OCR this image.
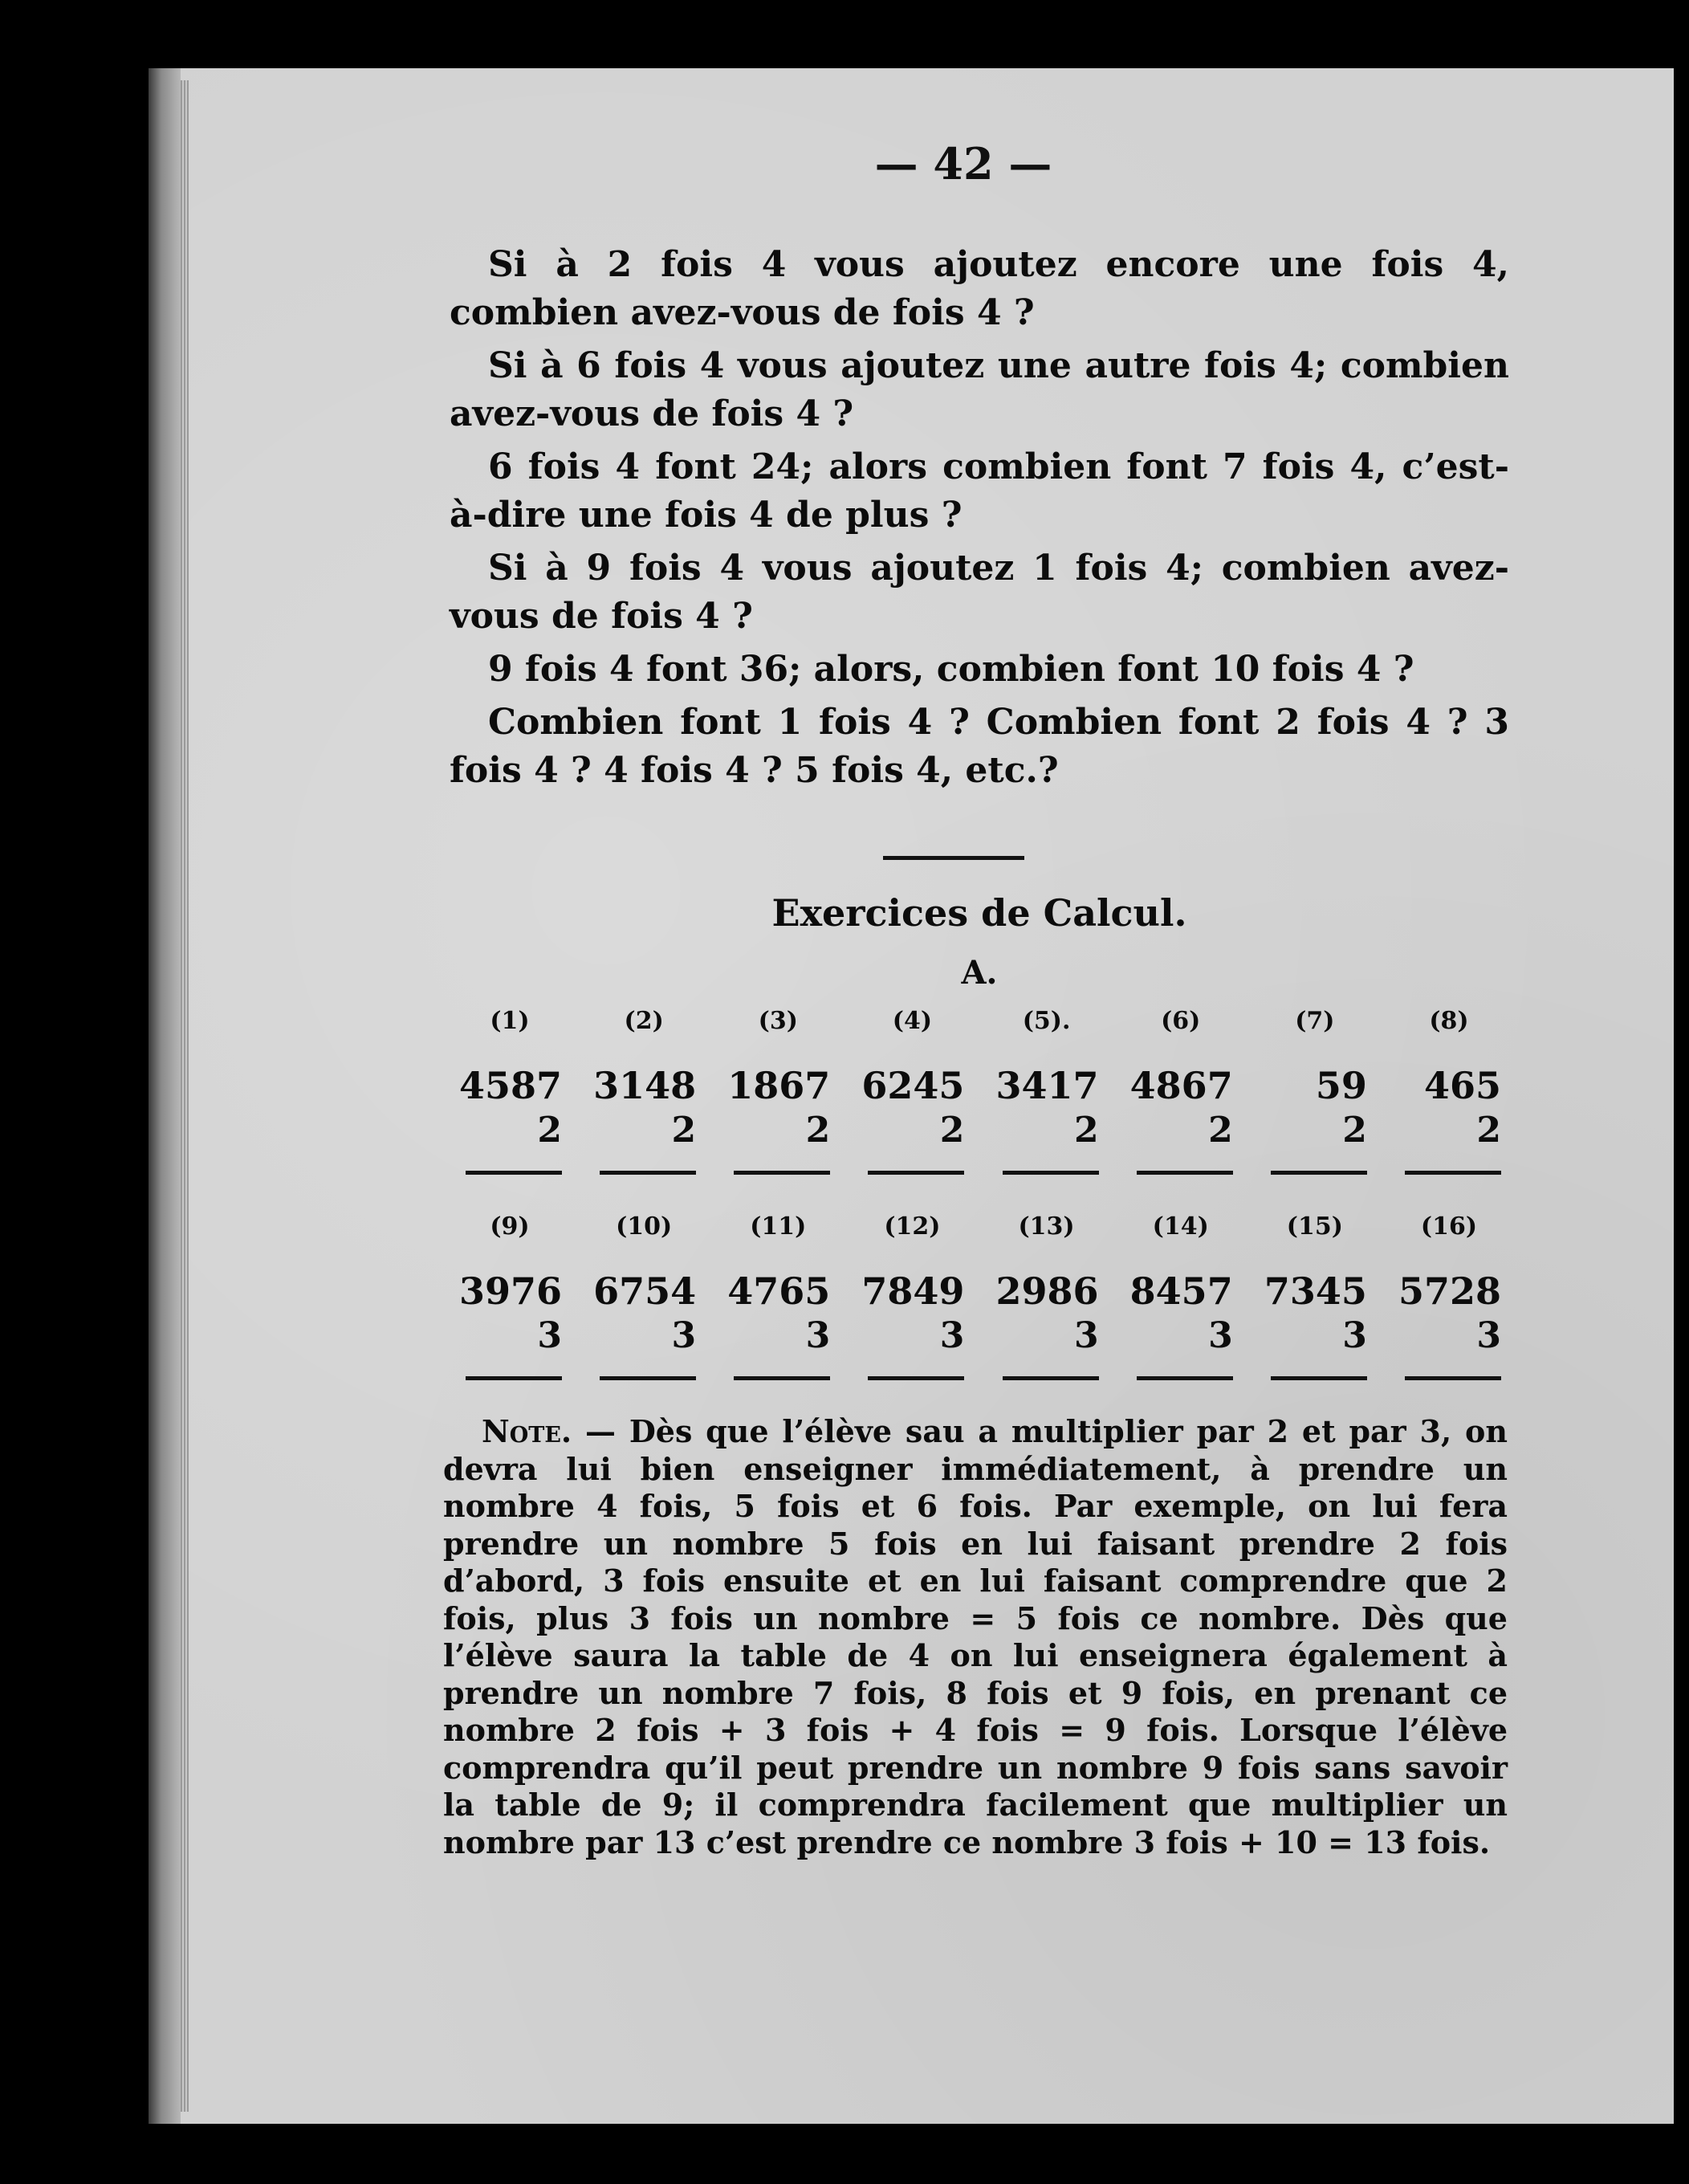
— 42 —

Si à 2 fois 4 vous ajoutez encore une fois 4, combien avez-vous de fois 4 ?

Si à 6 fois 4 vous ajoutez une autre fois 4; combien avez-vous de fois 4 ?

6 fois 4 font 24; alors combien font 7 fois 4, c’est-à-dire une fois 4 de plus ?

Si à 9 fois 4 vous ajoutez 1 fois 4; combien avez-vous de fois 4 ?

9 fois 4 font 36; alors, combien font 10 fois 4 ?

Combien font 1 fois 4 ? Combien font 2 fois 4 ? 3 fois 4 ? 4 fois 4 ? 5 fois 4, etc.?

Exercices de Calcul.
A.
(1)
4587
2
(2)
3148
2
(3)
1867
2
(4)
6245
2
(5).
3417
2
(6)
4867
2
(7)
59
2
(8)
465
2
(9)
3976
3
(10)
6754
3
(11)
4765
3
(12)
7849
3
(13)
2986
3
(14)
8457
3
(15)
7345
3
(16)
5728
3
Note. — Dès que l’élève sau a multiplier par 2 et par 3, on devra lui bien enseigner immédiatement, à prendre un nombre 4 fois, 5 fois et 6 fois. Par exemple, on lui fera prendre un nombre 5 fois en lui faisant prendre 2 fois d’abord, 3 fois ensuite et en lui faisant comprendre que 2 fois, plus 3 fois un nombre = 5 fois ce nombre. Dès que l’élève saura la table de 4 on lui enseignera également à prendre un nombre 7 fois, 8 fois et 9 fois, en prenant ce nombre 2 fois + 3 fois + 4 fois = 9 fois. Lorsque l’élève comprendra qu’il peut prendre un nombre 9 fois sans savoir la table de 9; il comprendra facilement que multiplier un nombre par 13 c’est prendre ce nombre 3 fois + 10 = 13 fois.
